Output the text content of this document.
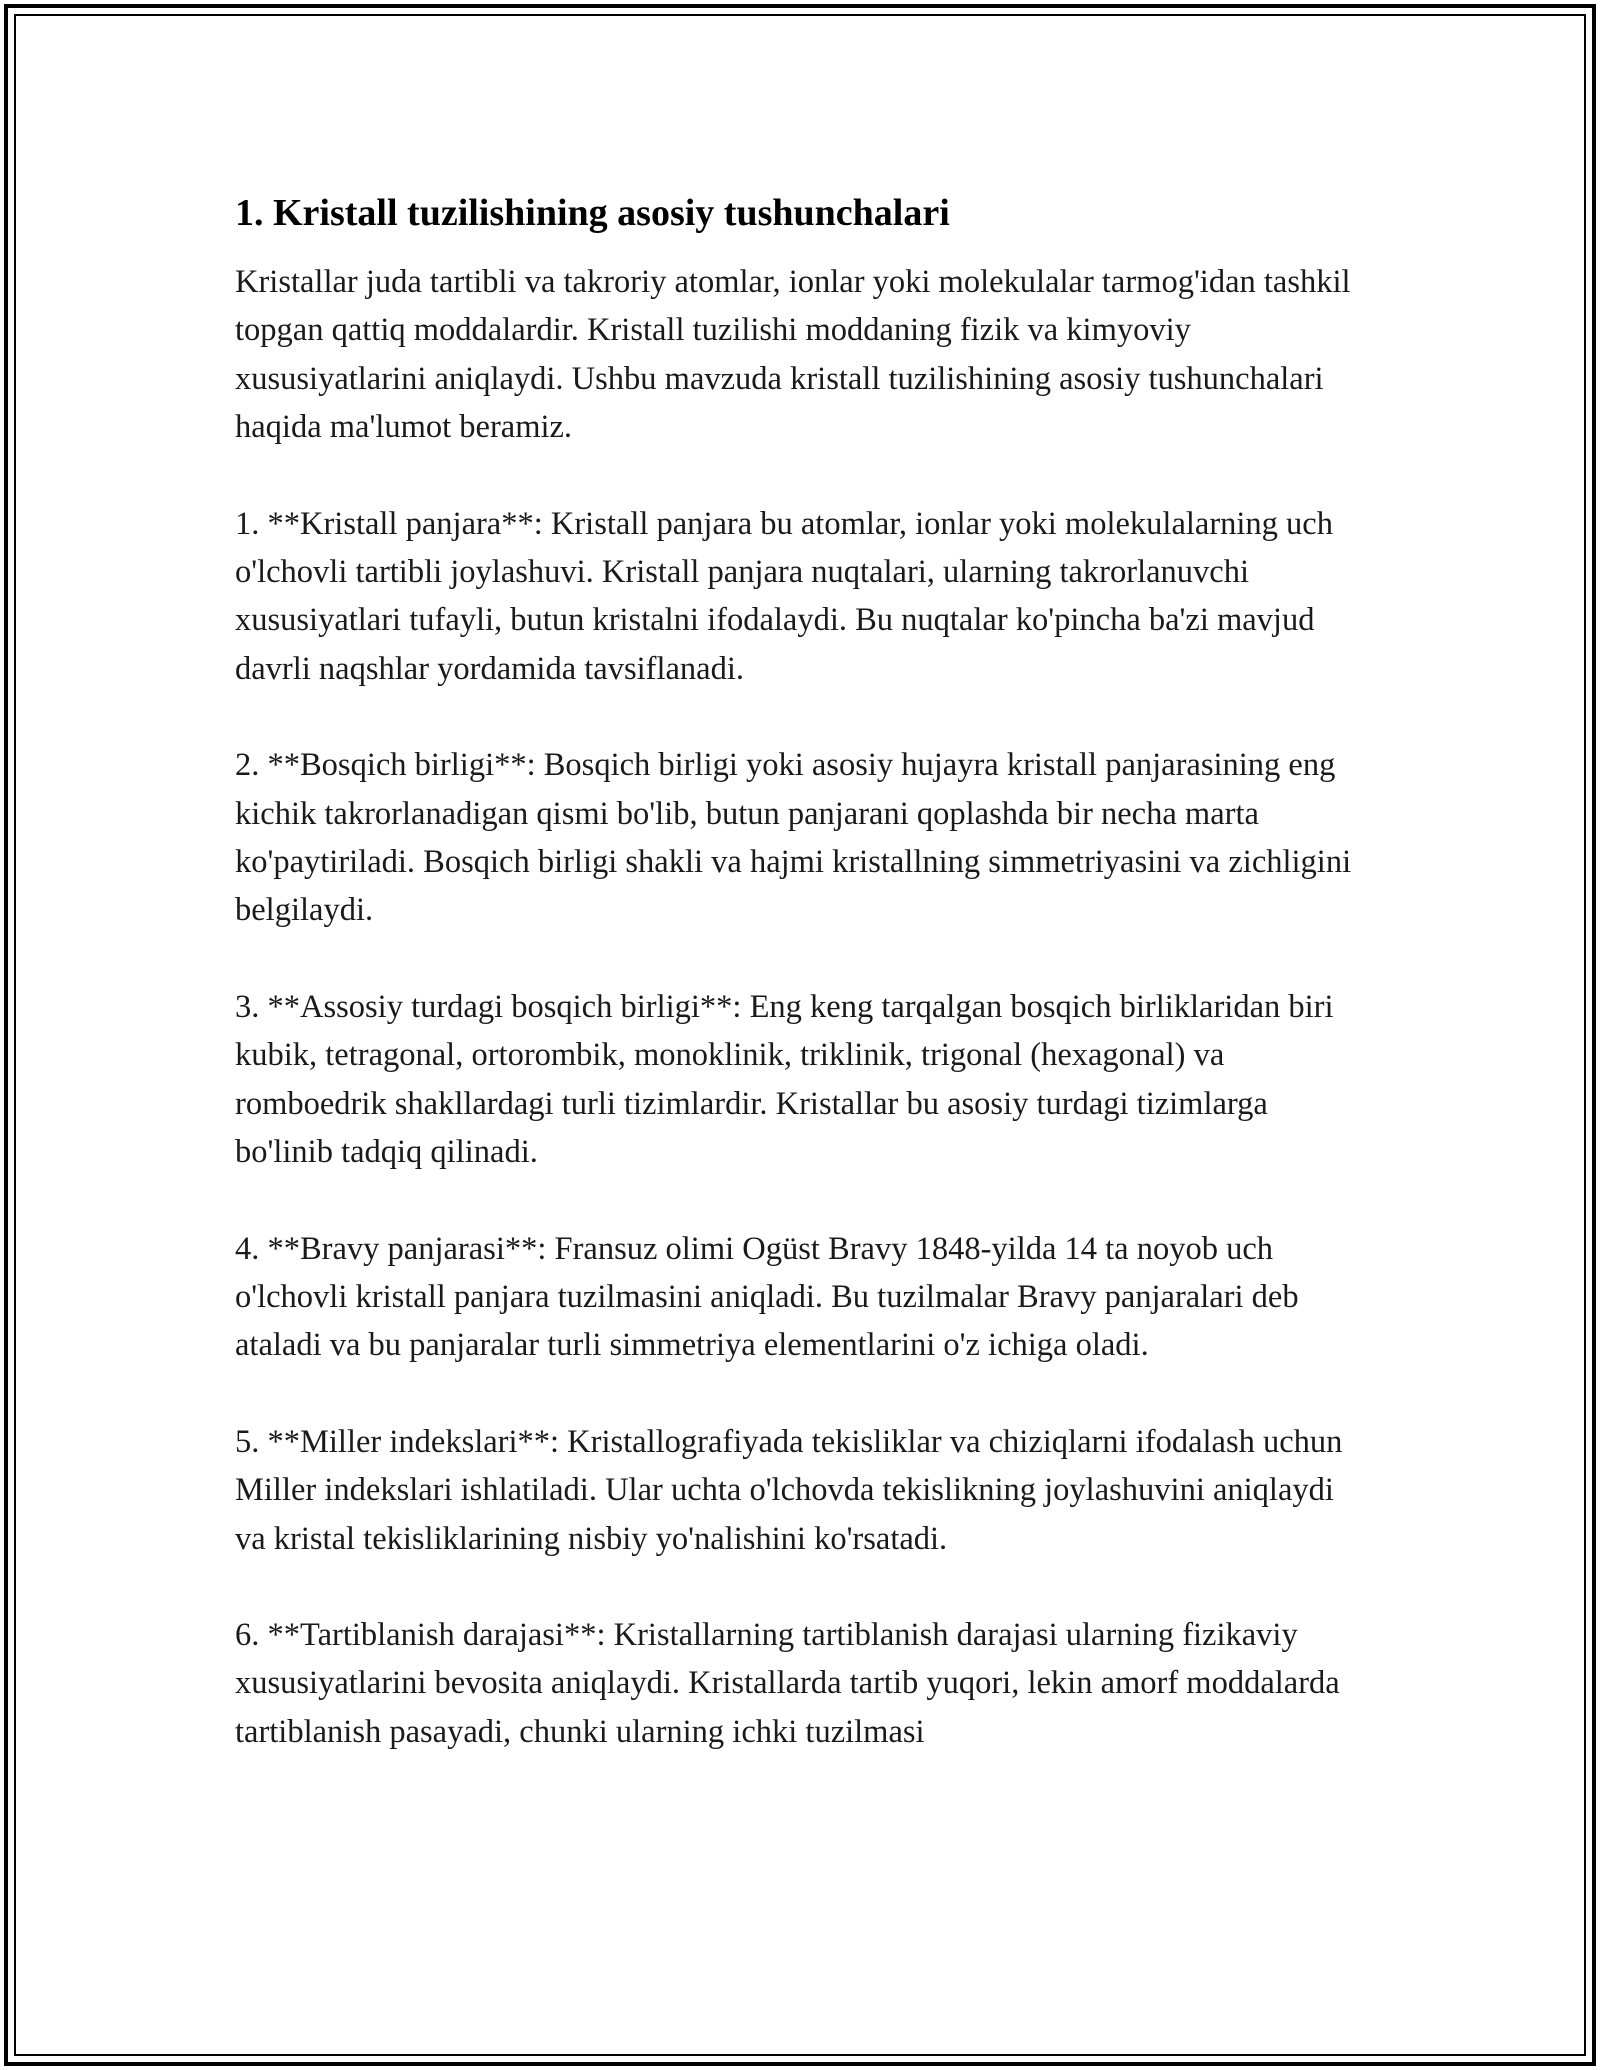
1. Kristall tuzilishining asosiy tushunchalari

Kristallar juda tartibli va takroriy atomlar, ionlar yoki molekulalar tarmog'idan tashkil topgan qattiq moddalardir. Kristall tuzilishi moddaning fizik va kimyoviy xususiyatlarini aniqlaydi. Ushbu mavzuda kristall tuzilishining asosiy tushunchalari haqida ma'lumot beramiz.

1. **Kristall panjara**: Kristall panjara bu atomlar, ionlar yoki molekulalarning uch o'lchovli tartibli joylashuvi. Kristall panjara nuqtalari, ularning takrorlanuvchi xususiyatlari tufayli, butun kristalni ifodalaydi. Bu nuqtalar ko'pincha ba'zi mavjud davrli naqshlar yordamida tavsiflanadi.

2. **Bosqich birligi**: Bosqich birligi yoki asosiy hujayra kristall panjarasining eng kichik takrorlanadigan qismi bo'lib, butun panjarani qoplashda bir necha marta ko'paytiriladi. Bosqich birligi shakli va hajmi kristallning simmetriyasini va zichligini belgilaydi.

3. **Assosiy turdagi bosqich birligi**: Eng keng tarqalgan bosqich birliklaridan biri kubik, tetragonal, ortorombik, monoklinik, triklinik, trigonal (hexagonal) va romboedrik shakllardagi turli tizimlardir. Kristallar bu asosiy turdagi tizimlarga bo'linib tadqiq qilinadi.

4. **Bravy panjarasi**: Fransuz olimi Ogüst Bravy 1848-yilda 14 ta noyob uch o'lchovli kristall panjara tuzilmasini aniqladi. Bu tuzilmalar Bravy panjaralari deb ataladi va bu panjaralar turli simmetriya elementlarini o'z ichiga oladi.

5. **Miller indekslari**: Kristallografiyada tekisliklar va chiziqlarni ifodalash uchun Miller indekslari ishlatiladi. Ular uchta o'lchovda tekislikning joylashuvini aniqlaydi va kristal tekisliklarining nisbiy yo'nalishini ko'rsatadi.

6. **Tartiblanish darajasi**: Kristallarning tartiblanish darajasi ularning fizikaviy xususiyatlarini bevosita aniqlaydi. Kristallarda tartib yuqori, lekin amorf moddalarda tartiblanish pasayadi, chunki ularning ichki tuzilmasi
